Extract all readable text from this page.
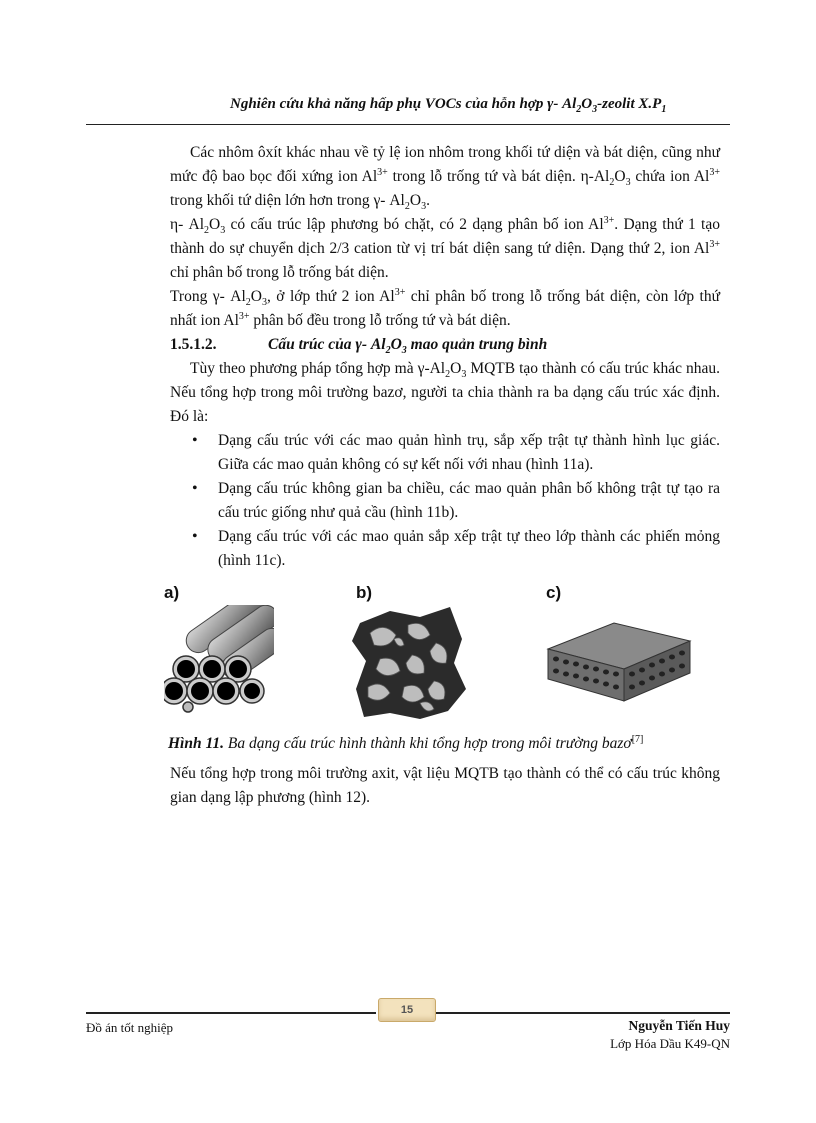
Nghiên cứu khả năng hấp phụ VOCs của hỗn hợp γ- $Al_2O_3$-zeolit $X.P_1$

Các nhôm ôxít khác nhau về tỷ lệ ion nhôm trong khối tứ diện và bát diện, cũng như mức độ bao bọc đối xứng ion $Al^{3+}$ trong lỗ trống tứ và bát diện. $\eta-Al_2O_3$ chứa ion $Al^{3+}$ trong khối tứ diện lớn hơn trong γ- $Al_2O_3$.

η- $Al_2O_3$ có cấu trúc lập phương bó chặt, có 2 dạng phân bố ion $Al^{3+}$. Dạng thứ 1 tạo thành do sự chuyển dịch 2/3 cation từ vị trí bát diện sang tứ diện. Dạng thứ 2, ion $Al^{3+}$ chỉ phân bố trong lỗ trống bát diện.

Trong γ- $Al_2O_3$, ở lớp thứ 2 ion $Al^{3+}$ chỉ phân bố trong lỗ trống bát diện, còn lớp thứ nhất ion $Al^{3+}$ phân bố đều trong lỗ trống tứ và bát diện.

1.5.1.2.	Cấu trúc của γ- $Al_2O_3$ mao quản trung bình

Tùy theo phương pháp tổng hợp mà $\gamma-Al_2O_3$ MQTB tạo thành có cấu trúc khác nhau. Nếu tổng hợp trong môi trường bazơ, người ta chia thành ra ba dạng cấu trúc xác định. Đó là:

• Dạng cấu trúc với các mao quản hình trụ, sắp xếp trật tự thành hình lục giác. Giữa các mao quản không có sự kết nối với nhau (hình 11a).
• Dạng cấu trúc không gian ba chiều, các mao quản phân bố không trật tự tạo ra cấu trúc giống như quả cầu (hình 11b).
• Dạng cấu trúc với các mao quản sắp xếp trật tự theo lớp thành các phiến mỏng (hình 11c).
a)	b)	c)
Hình 11. Ba dạng cấu trúc hình thành khi tổng hợp trong môi trường bazơ[7]
Nếu tổng hợp trong môi trường axit, vật liệu MQTB tạo thành có thể có cấu trúc không gian dạng lập phương (hình 12).
15
Đồ án tốt nghiệp	Nguyễn Tiến Huy
Lớp Hóa Dầu K49-QN
